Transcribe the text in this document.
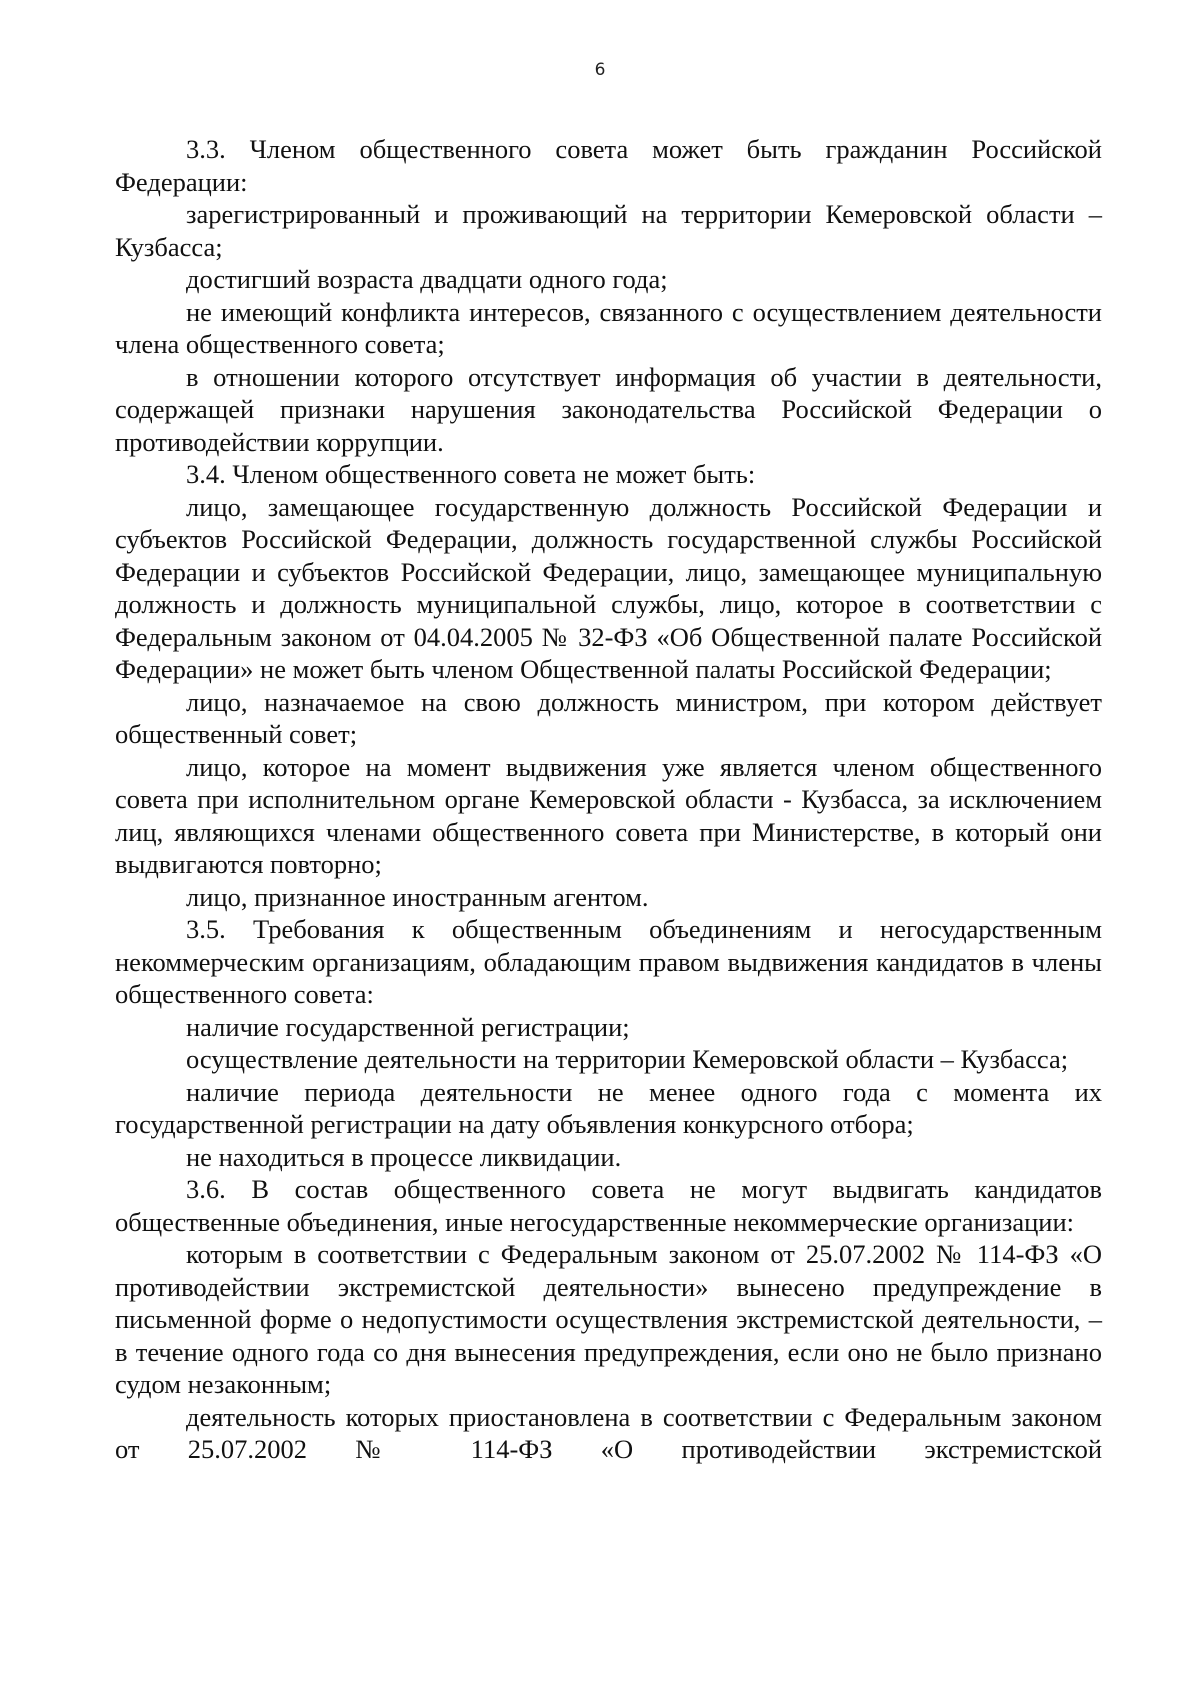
6

3.3. Членом общественного совета может быть гражданин Российской Федерации:

зарегистрированный и проживающий на территории Кемеровской области – Кузбасса;

достигший возраста двадцати одного года;

не имеющий конфликта интересов, связанного с осуществлением деятельности члена общественного совета;

в отношении которого отсутствует информация об участии в деятельности, содержащей признаки нарушения законодательства Российской Федерации о противодействии коррупции.

3.4. Членом общественного совета не может быть:

лицо, замещающее государственную должность Российской Федерации и субъектов Российской Федерации, должность государственной службы Российской Федерации и субъектов Российской Федерации, лицо, замещающее муниципальную должность и должность муниципальной службы, лицо, которое в соответствии с Федеральным законом от 04.04.2005 № 32-ФЗ «Об Общественной палате Российской Федерации» не может быть членом Общественной палаты Российской Федерации;

лицо, назначаемое на свою должность министром, при котором действует общественный совет;

лицо, которое на момент выдвижения уже является членом общественного совета при исполнительном органе Кемеровской области - Кузбасса, за исключением лиц, являющихся членами общественного совета при Министерстве, в который они выдвигаются повторно;

лицо, признанное иностранным агентом.

3.5. Требования к общественным объединениям и негосударственным некоммерческим организациям, обладающим правом выдвижения кандидатов в члены общественного совета:

наличие государственной регистрации;

осуществление деятельности на территории Кемеровской области – Кузбасса;

наличие периода деятельности не менее одного года с момента их государственной регистрации на дату объявления конкурсного отбора;

не находиться в процессе ликвидации.

3.6. В состав общественного совета не могут выдвигать кандидатов общественные объединения, иные негосударственные некоммерческие организации:

которым в соответствии с Федеральным законом от 25.07.2002 № 114-ФЗ «О противодействии экстремистской деятельности» вынесено предупреждение в письменной форме о недопустимости осуществления экстремистской деятельности, – в течение одного года со дня вынесения предупреждения, если оно не было признано судом незаконным;

деятельность которых приостановлена в соответствии с Федеральным законом от 25.07.2002 № 114-ФЗ «О противодействии экстремистской
